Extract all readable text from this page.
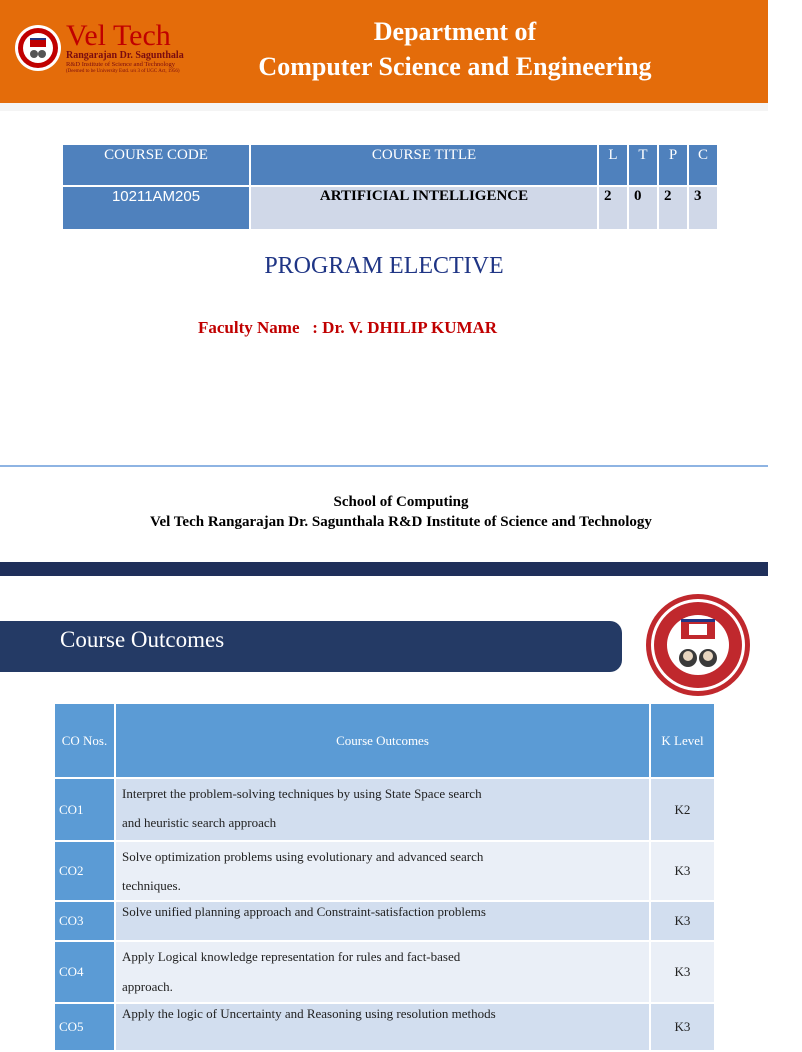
Vel Tech
Rangarajan Dr. Sagunthala
R&D Institute of Science and Technology
(Deemed to be University Estd. u/s 3 of UGC Act, 1956)
Department of
Computer Science and Engineering
COURSE CODE	COURSE TITLE	L	T	P	C
10211AM205	ARTIFICIAL INTELLIGENCE	2	0	2	3
PROGRAM ELECTIVE
Faculty Name   : Dr. V. DHILIP KUMAR
School of Computing
Vel Tech Rangarajan Dr. Sagunthala R&D Institute of Science and Technology
Course Outcomes
CO Nos.	Course Outcomes	K Level
CO1	Interpret the problem-solving techniques by using State Space search
and heuristic search approach	K2
CO2	Solve optimization problems using evolutionary and advanced search
techniques.	K3
CO3	Solve unified planning approach and Constraint-satisfaction problems	K3
CO4	Apply Logical knowledge representation for rules and fact-based
approach.	K3
CO5	Apply the logic of Uncertainty and Reasoning using resolution methods	K3
